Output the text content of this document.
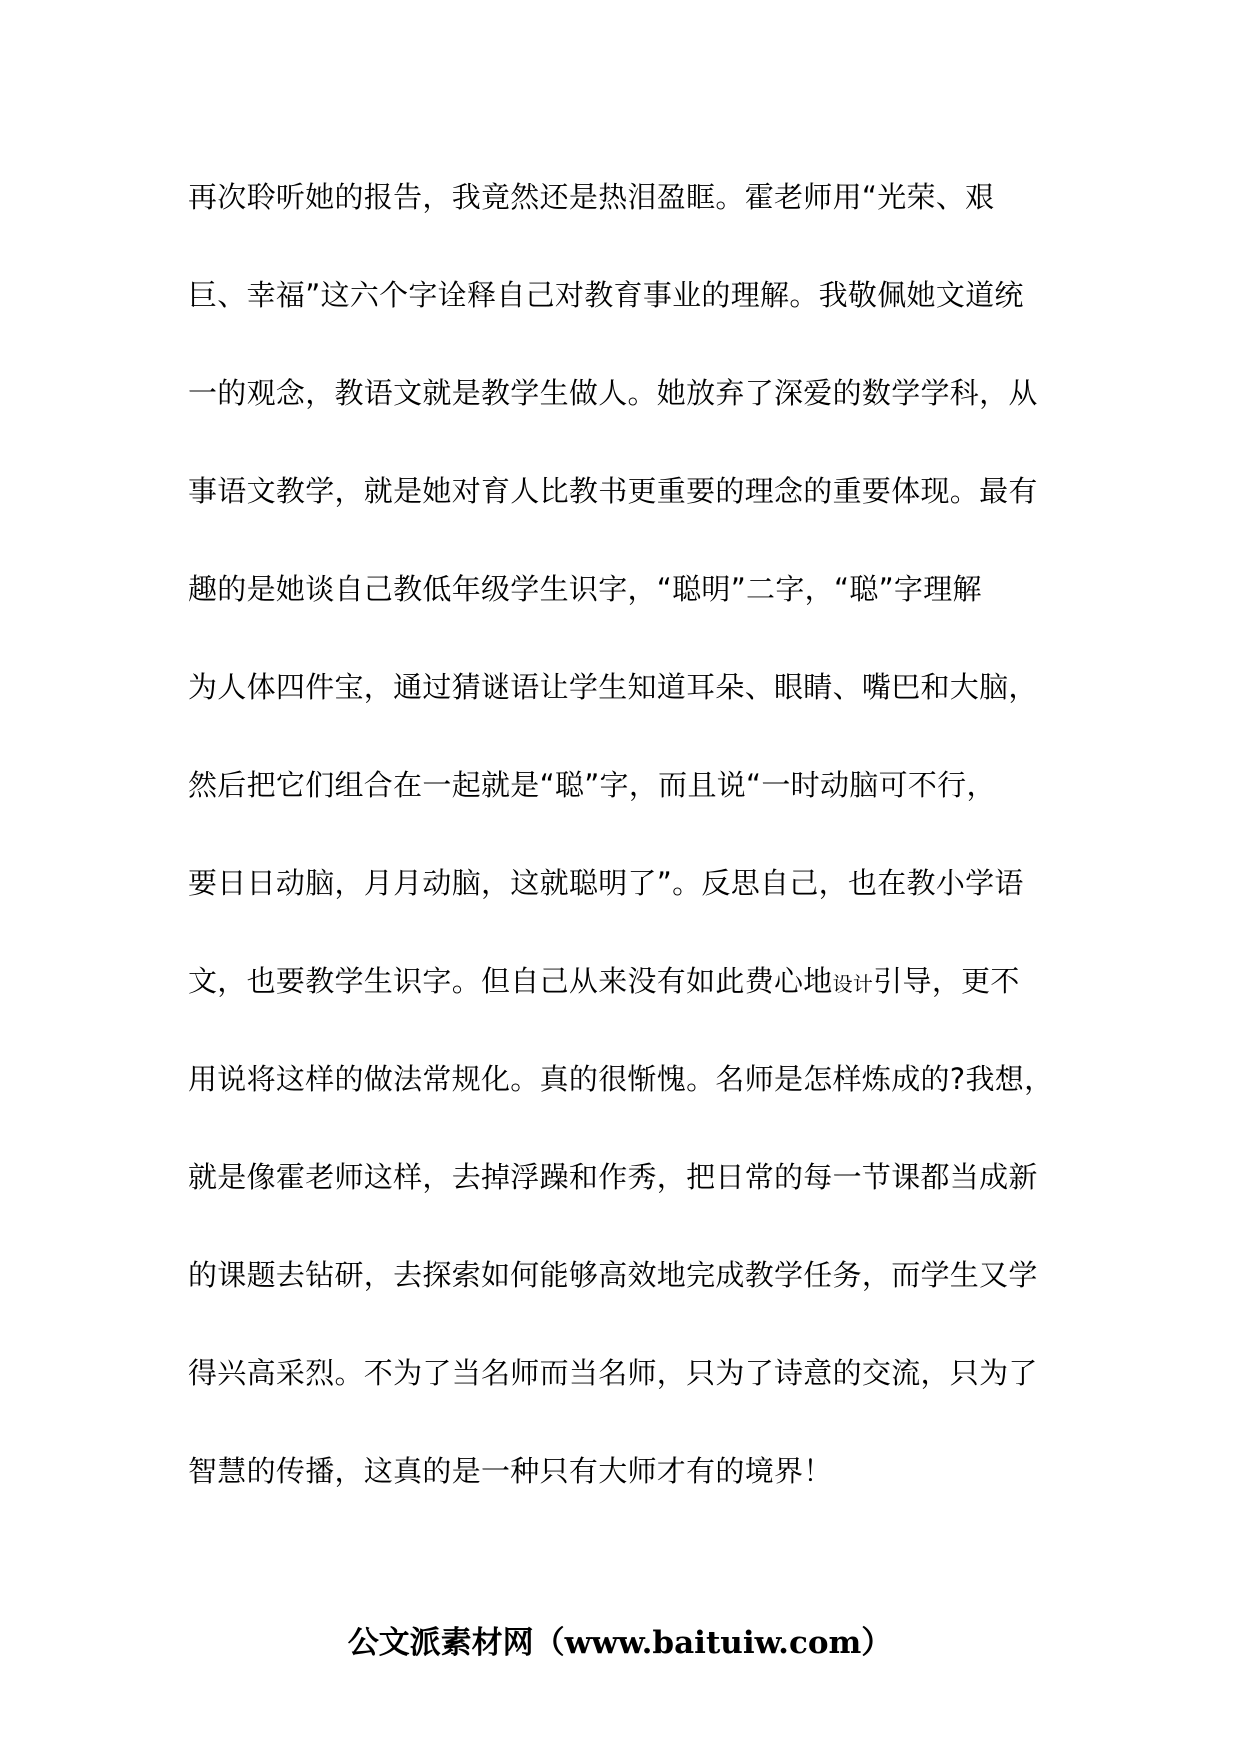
再次聆听她的报告，我竟然还是热泪盈眶。霍老师用“光荣、艰
巨、幸福”这六个字诠释自己对教育事业的理解。我敬佩她文道统
一的观念，教语文就是教学生做人。她放弃了深爱的数学学科，从
事语文教学，就是她对育人比教书更重要的理念的重要体现。最有
趣的是她谈自己教低年级学生识字，“聪明”二字，“聪”字理解
为人体四件宝，通过猜谜语让学生知道耳朵、眼睛、嘴巴和大脑，
然后把它们组合在一起就是“聪”字，而且说“一时动脑可不行，
要日日动脑，月月动脑，这就聪明了”。反思自己，也在教小学语
文，也要教学生识字。但自己从来没有如此费心地设计引导，更不
用说将这样的做法常规化。真的很惭愧。名师是怎样炼成的?我想，
就是像霍老师这样，去掉浮躁和作秀，把日常的每一节课都当成新
的课题去钻研，去探索如何能够高效地完成教学任务，而学生又学
得兴高采烈。不为了当名师而当名师，只为了诗意的交流，只为了
智慧的传播，这真的是一种只有大师才有的境界！
公文派素材网（www.baituiw.com）
